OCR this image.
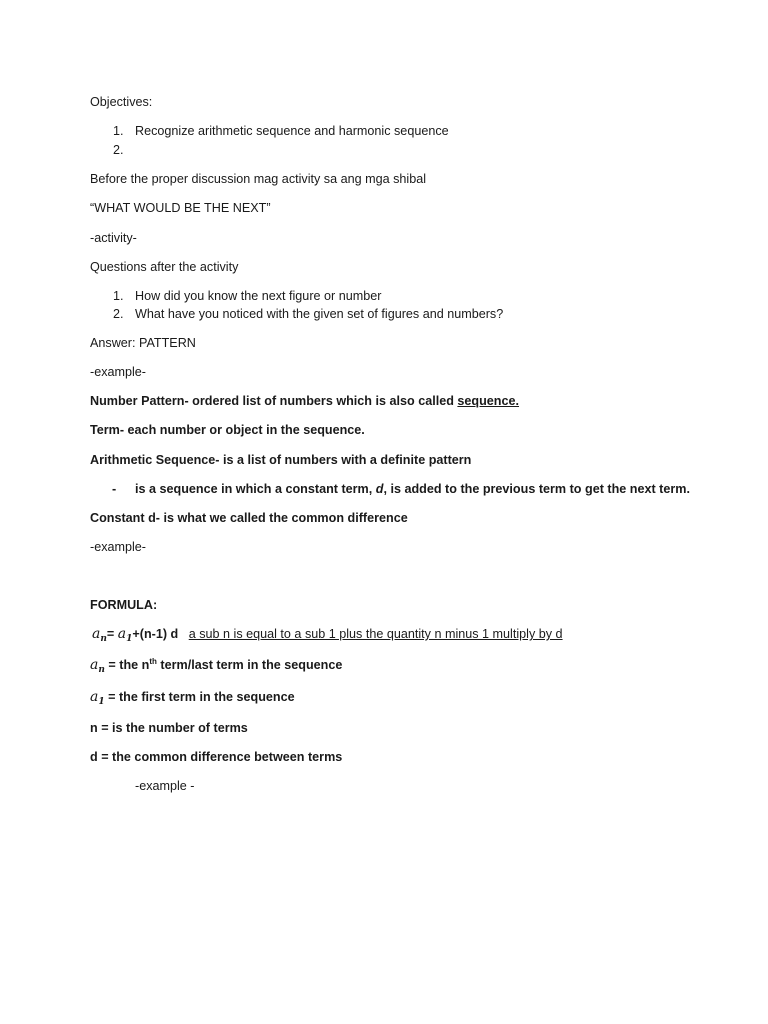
Objectives:
1. Recognize arithmetic sequence and harmonic sequence
2.
Before the proper discussion mag activity sa ang mga shibal
“WHAT WOULD BE THE NEXT”
-activity-
Questions after the activity
1. How did you know the next figure or number
2. What have you noticed with the given set of figures and numbers?
Answer: PATTERN
-example-
Number Pattern- ordered list of numbers which is also called sequence.
Term- each number or object in the sequence.
Arithmetic Sequence- is a list of numbers with a definite pattern
- is a sequence in which a constant term, d, is added to the previous term to get the next term.
Constant d- is what we called the common difference
-example-
FORMULA:
$a_n= a_1+(n-1)$ d a sub n is equal to a sub 1 plus the quantity n minus 1 multiply by d
$a_n$ = the $n^{th}$ term/last term in the sequence
$a_1$ = the first term in the sequence
n = is the number of terms
d = the common difference between terms
-example -
